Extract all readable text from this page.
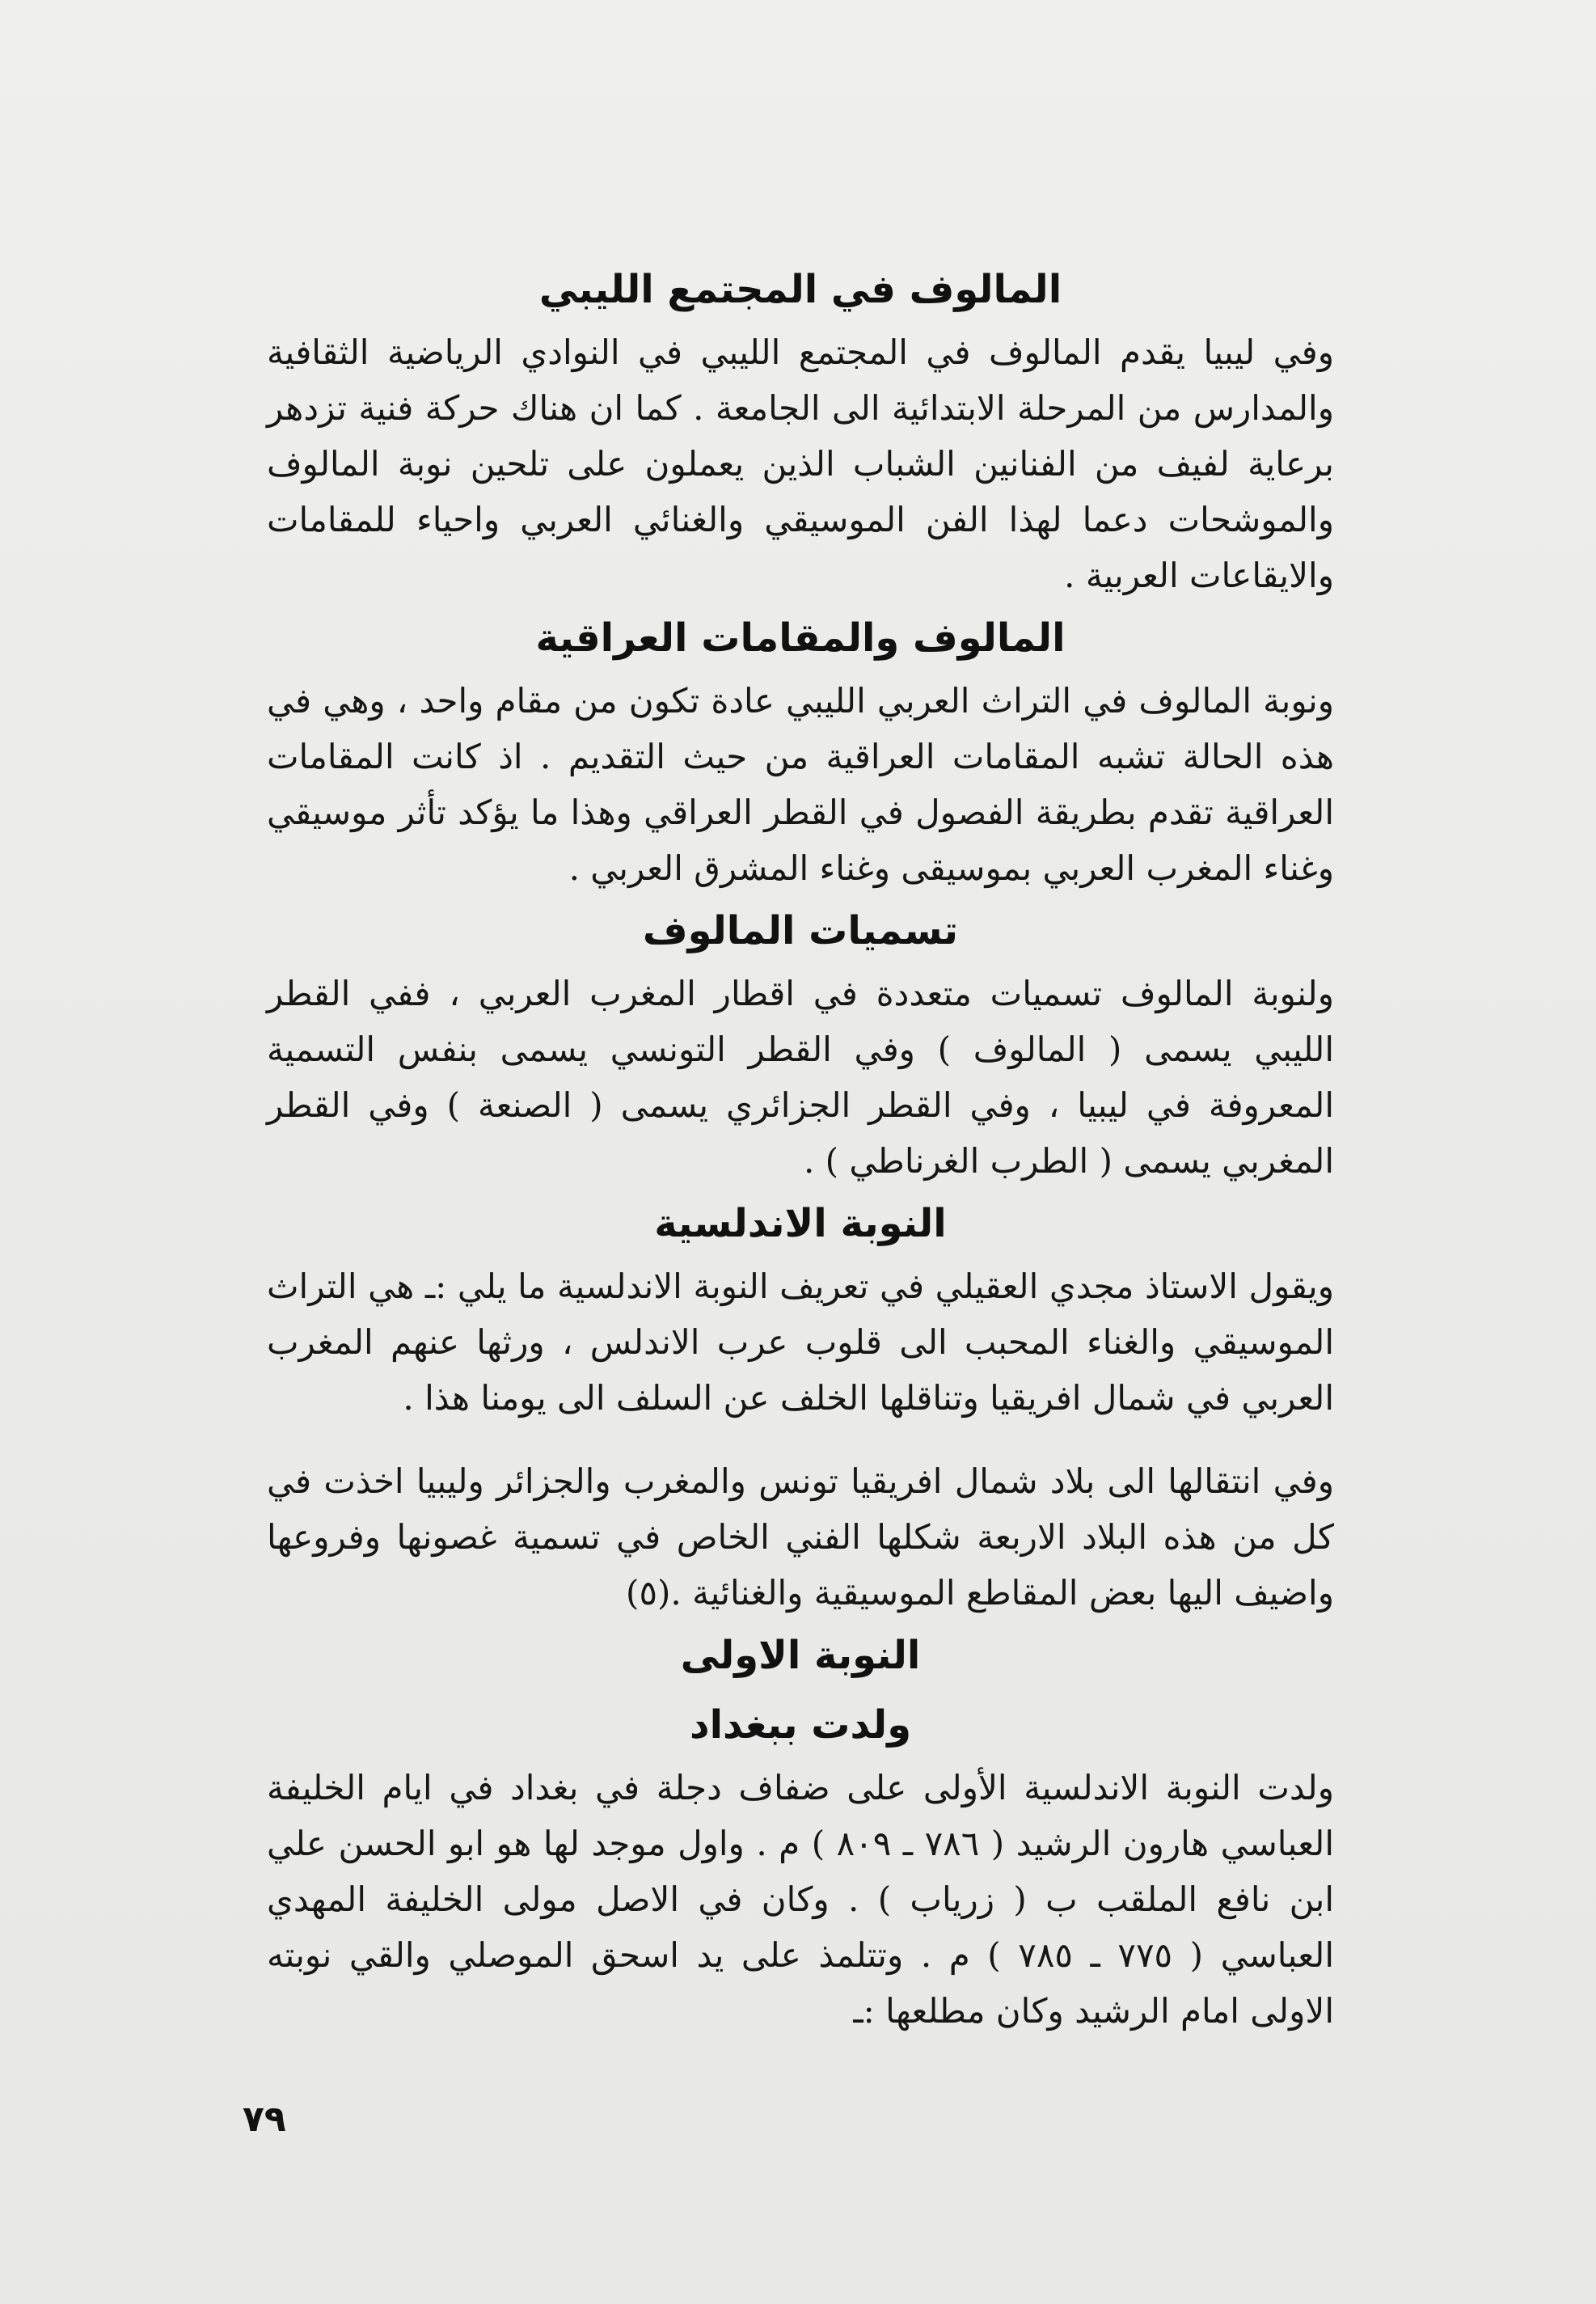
المالوف في المجتمع الليبي

وفي ليبيا يقدم المالوف في المجتمع الليبي في النوادي الرياضية الثقافية والمدارس من المرحلة الابتدائية الى الجامعة . كما ان هناك حركة فنية تزدهر برعاية لفيف من الفنانين الشباب الذين يعملون على تلحين نوبة المالوف والموشحات دعما لهذا الفن الموسيقي والغنائي العربي واحياء للمقامات والايقاعات العربية .

المالوف والمقامات العراقية

ونوبة المالوف في التراث العربي الليبي عادة تكون من مقام واحد ، وهي في هذه الحالة تشبه المقامات العراقية من حيث التقديم . اذ كانت المقامات العراقية تقدم بطريقة الفصول في القطر العراقي وهذا ما يؤكد تأثر موسيقي وغناء المغرب العربي بموسيقى وغناء المشرق العربي .

تسميات المالوف

ولنوبة المالوف تسميات متعددة في اقطار المغرب العربي ، ففي القطر الليبي يسمى ( المالوف ) وفي القطر التونسي يسمى بنفس التسمية المعروفة في ليبيا ، وفي القطر الجزائري يسمى ( الصنعة ) وفي القطر المغربي يسمى ( الطرب الغرناطي ) .

النوبة الاندلسية

ويقول الاستاذ مجدي العقيلي في تعريف النوبة الاندلسية ما يلي :ـ هي التراث الموسيقي والغناء المحبب الى قلوب عرب الاندلس ، ورثها عنهم المغرب العربي في شمال افريقيا وتناقلها الخلف عن السلف الى يومنا هذا .

وفي انتقالها الى بلاد شمال افريقيا تونس والمغرب والجزائر وليبيا اخذت في كل من هذه البلاد الاربعة شكلها الفني الخاص في تسمية غصونها وفروعها واضيف اليها بعض المقاطع الموسيقية والغنائية .(٥)

النوبة الاولى
ولدت ببغداد

ولدت النوبة الاندلسية الأولى على ضفاف دجلة في بغداد في ايام الخليفة العباسي هارون الرشيد ( ٧٨٦ ـ ٨٠٩ ) م . واول موجد لها هو ابو الحسن علي ابن نافع الملقب ب ( زرياب ) . وكان في الاصل مولى الخليفة المهدي العباسي ( ٧٧٥ ـ ٧٨٥ ) م . وتتلمذ على يد اسحق الموصلي والقي نوبته الاولى امام الرشيد وكان مطلعها :ـ

٧٩
